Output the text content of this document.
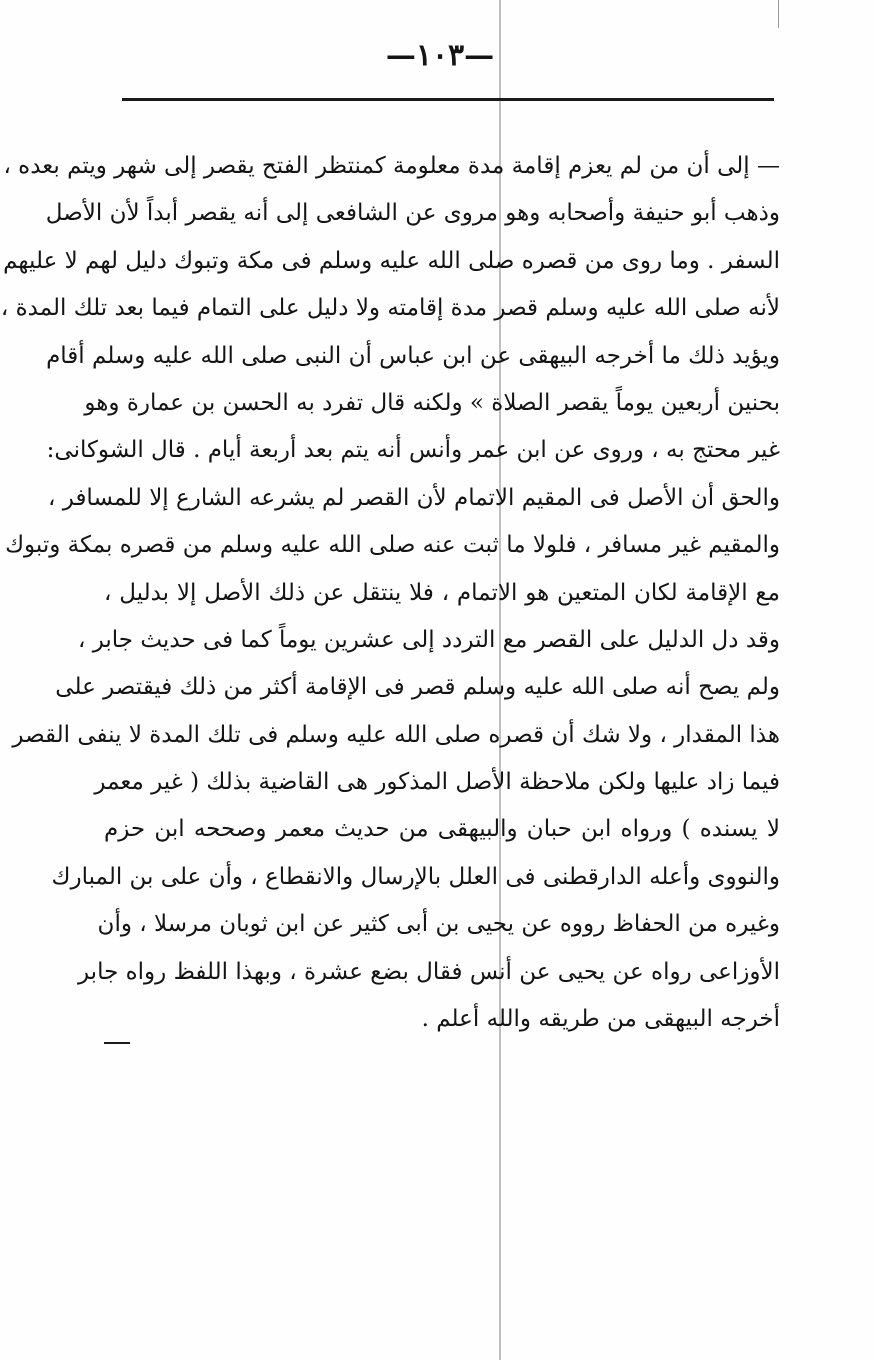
—١٠٣—
— إلى أن من لم يعزم إقامة مدة معلومة كمنتظر الفتح يقصر إلى شهر ويتم بعده ،
وذهب أبو حنيفة وأصحابه وهو مروى عن الشافعى إلى أنه يقصر أبداً لأن الأصل
السفر . وما روى من قصره صلى الله عليه وسلم فى مكة وتبوك دليل لهم لا عليهم
لأنه صلى الله عليه وسلم قصر مدة إقامته ولا دليل على التمام فيما بعد تلك المدة ،
ويؤيد ذلك ما أخرجه البيهقى عن ابن عباس أن النبى صلى الله عليه وسلم أقام
بحنين أربعين يوماً يقصر الصلاة » ولكنه قال تفرد به الحسن بن عمارة وهو
غير محتج به ، وروى عن ابن عمر وأنس أنه يتم بعد أربعة أيام . قال الشوكانى:
والحق أن الأصل فى المقيم الاتمام لأن القصر لم يشرعه الشارع إلا للمسافر ،
والمقيم غير مسافر ، فلولا ما ثبت عنه صلى الله عليه وسلم من قصره بمكة وتبوك
مع الإقامة لكان المتعين هو الاتمام ، فلا ينتقل عن ذلك الأصل إلا بدليل ،
وقد دل الدليل على القصر مع التردد إلى عشرين يوماً كما فى حديث جابر ،
ولم يصح أنه صلى الله عليه وسلم قصر فى الإقامة أكثر من ذلك فيقتصر على
هذا المقدار ، ولا شك أن قصره صلى الله عليه وسلم فى تلك المدة لا ينفى القصر
فيما زاد عليها ولكن ملاحظة الأصل المذكور هى القاضية بذلك ( غير معمر
لا يسنده ) ورواه ابن حبان والبيهقى من حديث معمر وصححه ابن حزم
والنووى وأعله الدارقطنى فى العلل بالإرسال والانقطاع ، وأن على بن المبارك
وغيره من الحفاظ رووه عن يحيى بن أبى كثير عن ابن ثوبان مرسلا ، وأن
الأوزاعى رواه عن يحيى عن أنس فقال بضع عشرة ، وبهذا اللفظ رواه جابر
أخرجه البيهقى من طريقه والله أعلم .
